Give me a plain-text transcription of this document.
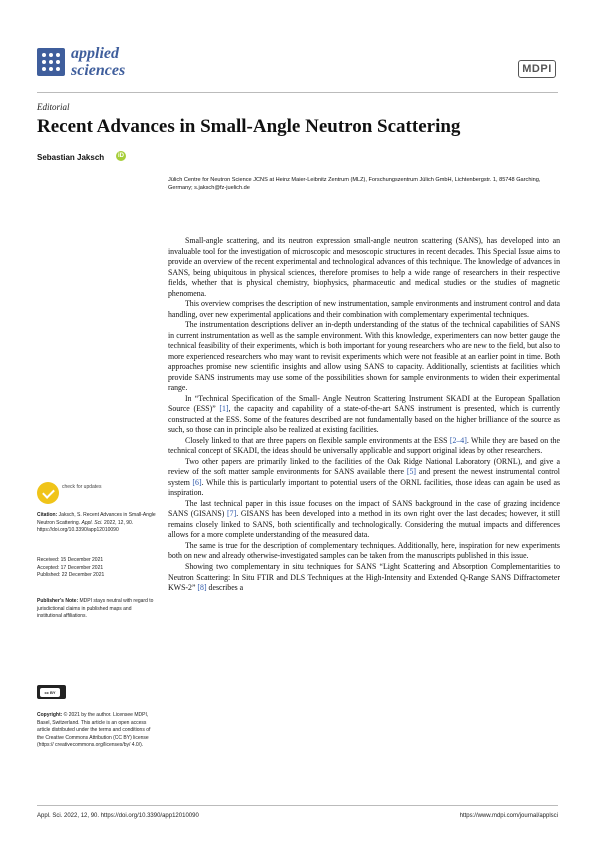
applied
sciences	MDPI
Editorial
Recent Advances in Small-Angle Neutron Scattering
Sebastian Jaksch	iD
Jülich Centre for Neutron Science JCNS at Heinz Maier-Leibnitz Zentrum (MLZ), Forschungszentrum Jülich GmbH, Lichtenbergstr. 1, 85748 Garching, Germany; s.jaksch@fz-juelich.de

Small-angle scattering, and its neutron expression small-angle neutron scattering (SANS), has developed into an invaluable tool for the investigation of microscopic and mesoscopic structures in recent decades. This Special Issue aims to provide an overview of the recent experimental and technological advances of this technique. The knowledge of advances in SANS, being ubiquitous in physical sciences, therefore promises to help a wide range of researchers in their respective fields, whether that is physical chemistry, biophysics, pharmaceutic and medical studies or the studies of magnetic phenomena.

This overview comprises the description of new instrumentation, sample environments and instrument control and data handling, over new experimental applications and their combination with complementary experimental techniques.

The instrumentation descriptions deliver an in-depth understanding of the status of the technical capabilities of SANS in current instrumentation as well as the sample environment. With this knowledge, experimenters can now better gauge the technical feasibility of their experiments, which is both important for young researchers who are new to the field, but also to more experienced researchers who may want to revisit experiments which were not feasible at an earlier point in time. Both approaches promise new scientific insights and allow using SANS to capacity. Additionally, scientists at facilities which provide SANS instruments may use some of the possibilities shown for sample environments to widen their experimental range.

In “Technical Specification of the Small- Angle Neutron Scattering Instrument SKADI at the European Spallation Source (ESS)” [1], the capacity and capability of a state-of-the-art SANS instrument is presented, which is currently constructed at the ESS. Some of the features described are not fundamentally based on the higher brilliance of the source as such, so those can in principle also be realized at existing facilities.

Closely linked to that are three papers on flexible sample environments at the ESS [2–4]. While they are based on the technical concept of SKADI, the ideas should be universally applicable and support original ideas by other researchers.

Two other papers are primarily linked to the facilities of the Oak Ridge National Laboratory (ORNL), and give a review of the soft matter sample environments for SANS available there [5] and present the newest instrumental control system [6]. While this is particularly important to potential users of the ORNL facilities, those ideas can again be used as inspiration.

The last technical paper in this issue focuses on the impact of SANS background in the case of grazing incidence SANS (GISANS) [7]. GISANS has been developed into a method in its own right over the last decades; however, it still remains closely linked to SANS, both scientifically and technologically. Considering the mutual impacts and differences allows for a more complete understanding of the measured data.

The same is true for the description of complementary techniques. Additionally, here, inspiration for new experiments both on new and already otherwise-investigated samples can be taken from the manuscripts published in this issue.

Showing two complementary in situ techniques for SANS “Light Scattering and Absorption Complementarities to Neutron Scattering: In Situ FTIR and DLS Techniques at the High-Intensity and Extended Q-Range SANS Diffractometer KWS-2” [8] describes a

check for updates
Citation: Jaksch, S. Recent Advances in Small-Angle Neutron Scattering. Appl. Sci. 2022, 12, 90. https://doi.org/10.3390/app12010090
Received: 15 December 2021
Accepted: 17 December 2021
Published: 22 December 2021
Publisher’s Note: MDPI stays neutral with regard to jurisdictional claims in published maps and institutional affiliations.
cc BY
Copyright: © 2021 by the author. Licensee MDPI, Basel, Switzerland. This article is an open access article distributed under the terms and conditions of the Creative Commons Attribution (CC BY) license (https:// creativecommons.org/licenses/by/ 4.0/).
Appl. Sci. 2022, 12, 90. https://doi.org/10.3390/app12010090	https://www.mdpi.com/journal/applsci
